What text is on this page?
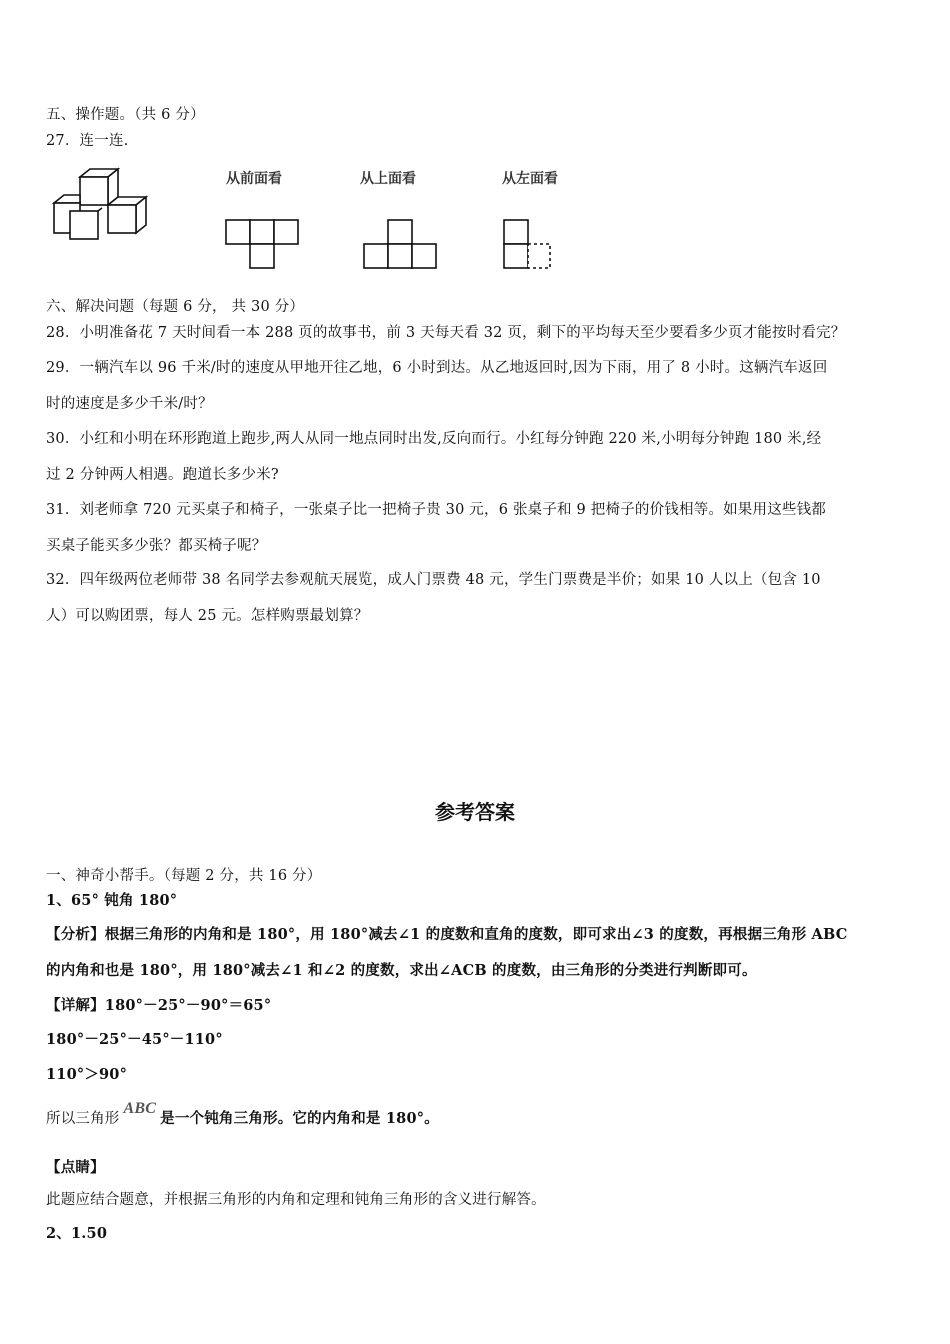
五、操作题。（共 6 分）
27．连一连.
从前面看	从上面看	从左面看
六、解决问题（每题 6 分， 共 30 分）
28．小明准备花 7 天时间看一本 288 页的故事书，前 3 天每天看 32 页，剩下的平均每天至少要看多少页才能按时看完？
29．一辆汽车以 96 千米/时的速度从甲地开往乙地，6 小时到达。从乙地返回时,因为下雨，用了 8 小时。这辆汽车返回
时的速度是多少千米/时？
30．小红和小明在环形跑道上跑步,两人从同一地点同时出发,反向而行。小红每分钟跑 220 米,小明每分钟跑 180 米,经
过 2 分钟两人相遇。跑道长多少米?
31．刘老师拿 720 元买桌子和椅子，一张桌子比一把椅子贵 30 元，6 张桌子和 9 把椅子的价钱相等。如果用这些钱都
买桌子能买多少张？都买椅子呢？
32．四年级两位老师带 38 名同学去参观航天展览，成人门票费 48 元，学生门票费是半价；如果 10 人以上（包含 10
人）可以购团票，每人 25 元。怎样购票最划算？
参考答案
一、神奇小帮手。（每题 2 分，共 16 分）
1、65° 钝角 180°
【分析】根据三角形的内角和是 180°，用 180°减去∠1 的度数和直角的度数，即可求出∠3 的度数，再根据三角形 ABC
的内角和也是 180°，用 180°减去∠1 和∠2 的度数，求出∠ACB 的度数，由三角形的分类进行判断即可。
【详解】180°－25°－90°＝65°
180°－25°－45°－110°
110°＞90°
所以三角形ABC是一个钝角三角形。它的内角和是 180°。
【点睛】
此题应结合题意，并根据三角形的内角和定理和钝角三角形的含义进行解答。
2、1.50
